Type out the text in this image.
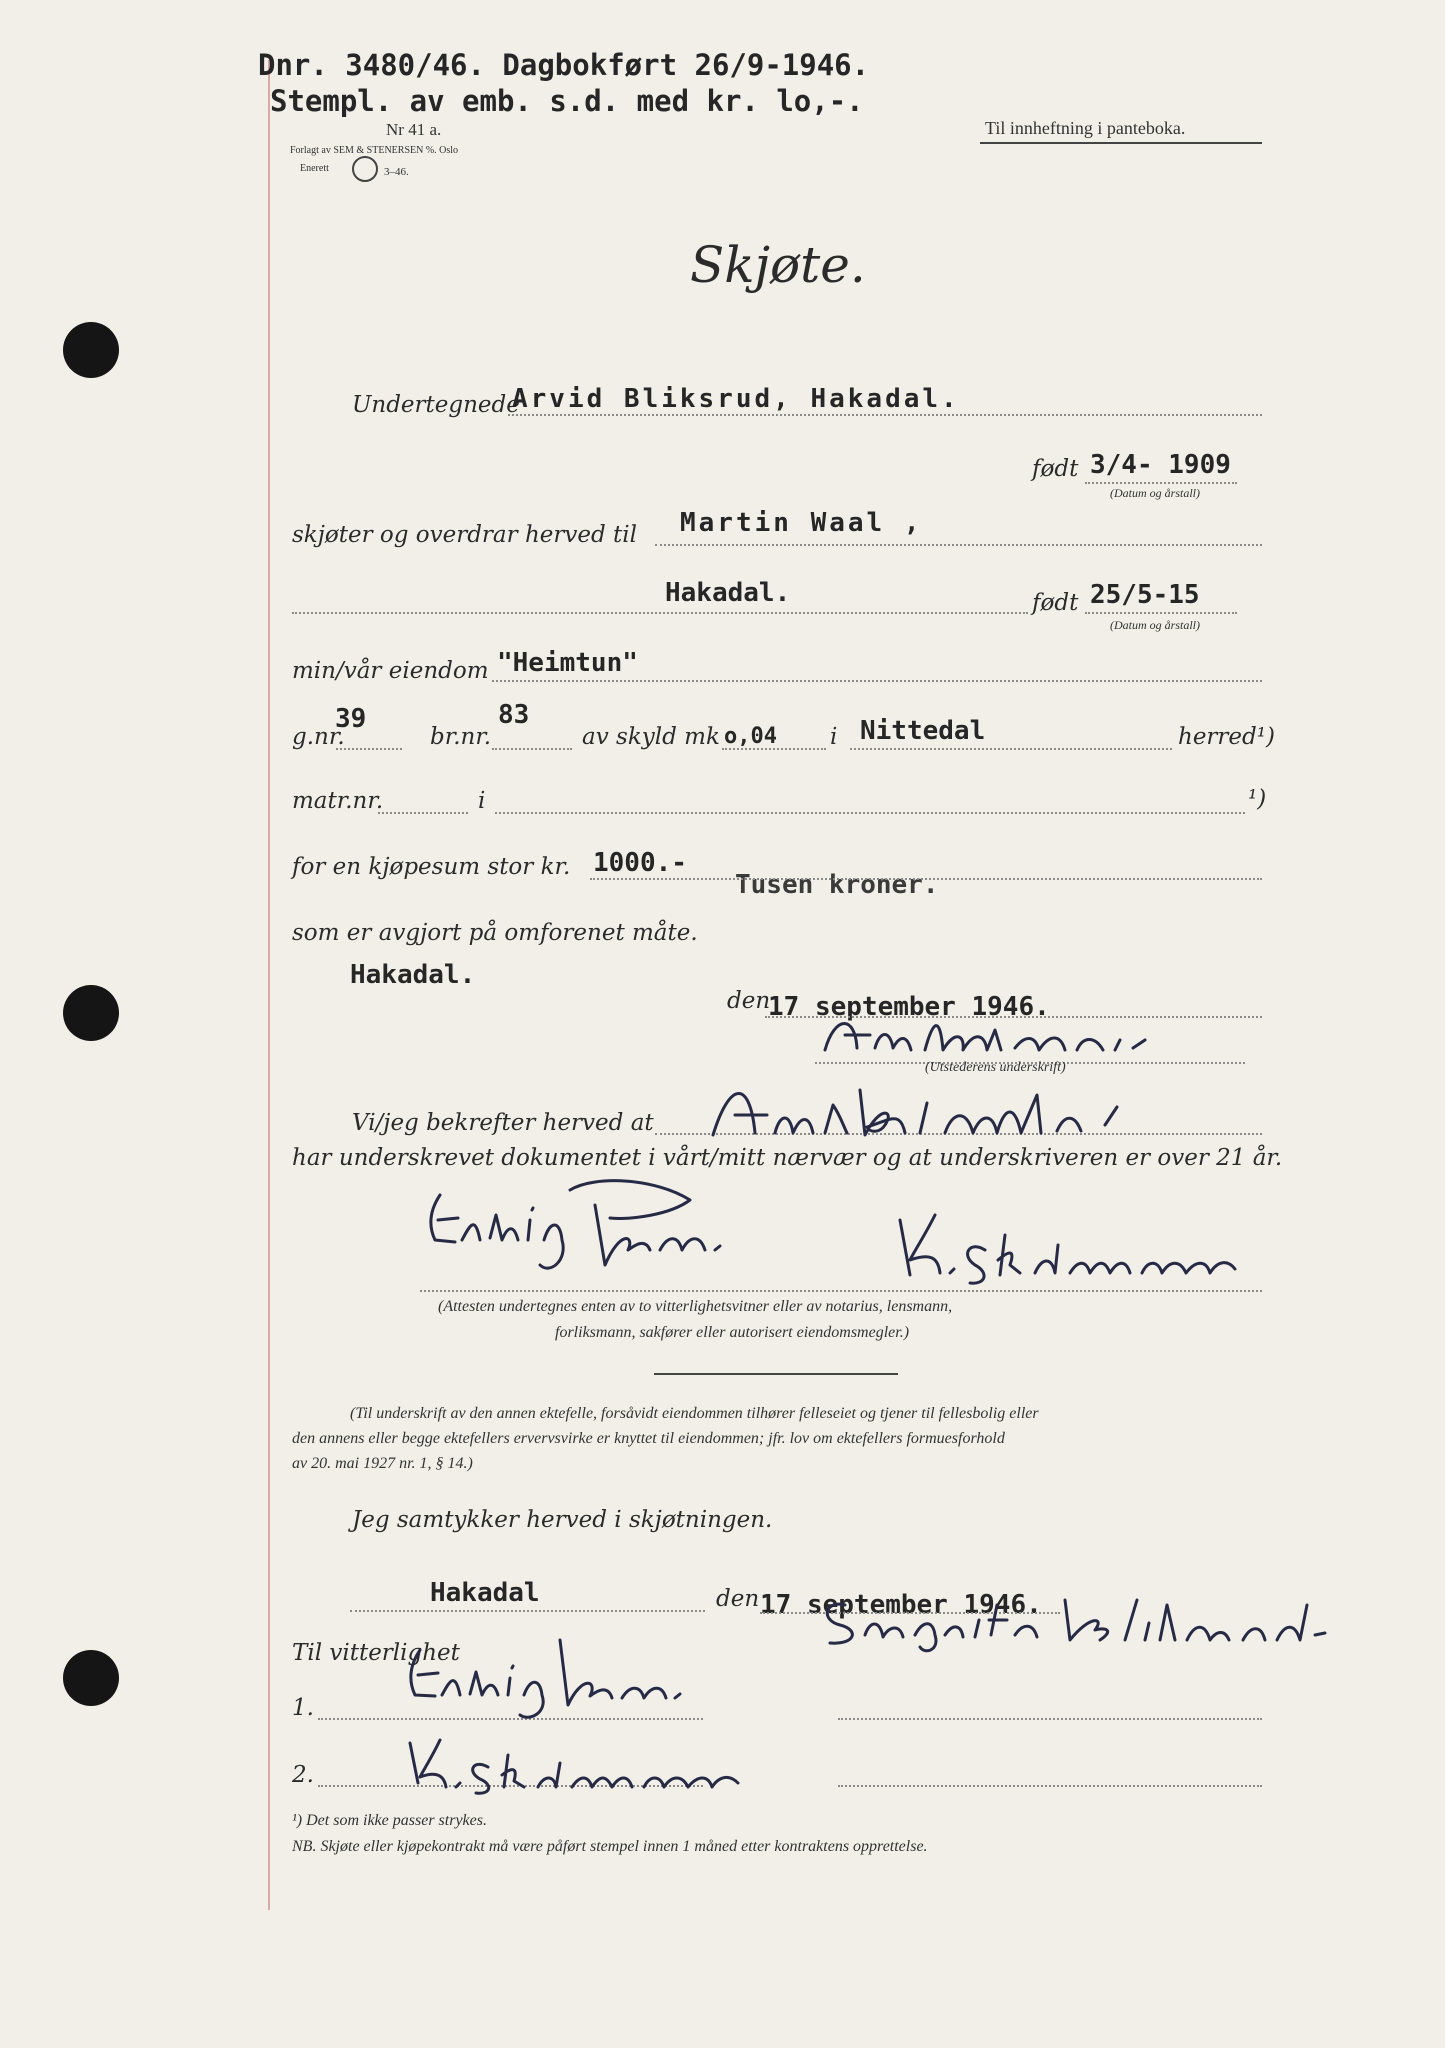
Dnr. 3480/46. Dagbokført 26/9-1946.
Stempl. av emb. s.d. med kr. lo,-.
Nr 41 a.
Forlagt av SEM & STENERSEN %. Oslo
Enerett	3–46.
Til innheftning i panteboka.
Skjøte.
Undertegnede
Arvid Bliksrud, Hakadal.
født 3/4- 1909
(Datum og årstall)
skjøter og overdrar herved til Martin Waal ,
Hakadal.	født 25/5-15
(Datum og årstall)
min/vår eiendom "Heimtun"
g.nr.
39
br.nr.
83
av skyld mk o,04 i Nittedal	herred¹)
matr.nr.	i	¹)
for en kjøpesum stor kr. 1000.-
Tusen kroner.
som er avgjort på omforenet måte.
Hakadal.
den
17 september 1946.
(Utstederens underskrift)
Vi/jeg bekrefter herved at
har underskrevet dokumentet i vårt/mitt nærvær og at underskriveren er over 21 år.
(Attesten undertegnes enten av to vitterlighetsvitner eller av notarius, lensmann,
forliksmann, sakfører eller autorisert eiendomsmegler.)
(Til underskrift av den annen ektefelle, forsåvidt eiendommen tilhører felleseiet og tjener til fellesbolig eller
den annens eller begge ektefellers ervervsvirke er knyttet til eiendommen; jfr. lov om ektefellers formuesforhold
av 20. mai 1927 nr. 1, § 14.)
Jeg samtykker herved i skjøtningen.
Hakadal	den 17 september 1946.
Til vitterlighet
1.
2.
¹) Det som ikke passer strykes.
NB. Skjøte eller kjøpekontrakt må være påført stempel innen 1 måned etter kontraktens opprettelse.
